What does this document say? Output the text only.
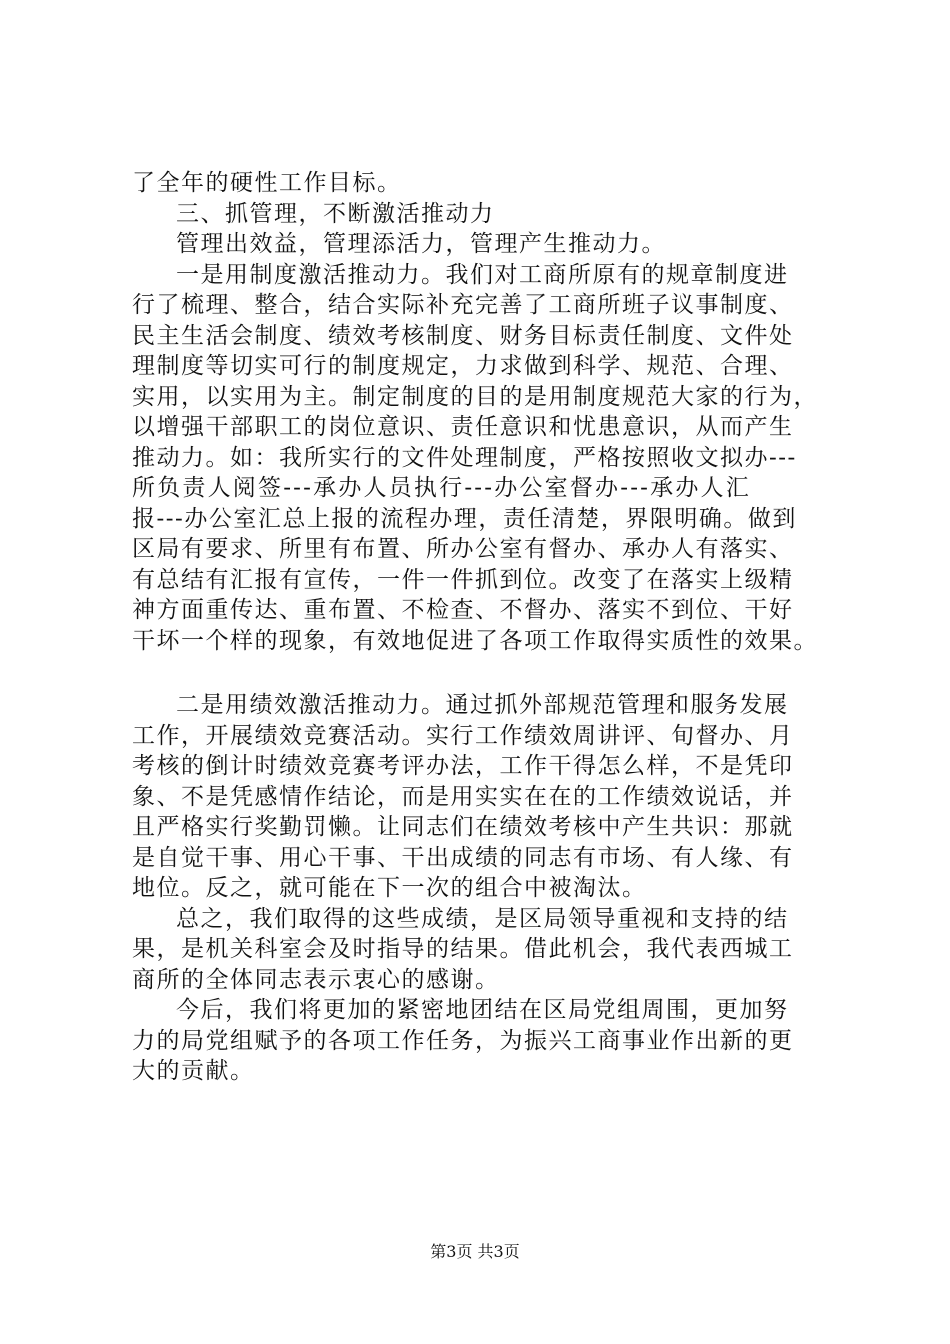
了全年的硬性工作目标。
三、抓管理，不断激活推动力
管理出效益，管理添活力，管理产生推动力。
一是用制度激活推动力。我们对工商所原有的规章制度进
行了梳理、整合，结合实际补充完善了工商所班子议事制度、
民主生活会制度、绩效考核制度、财务目标责任制度、文件处
理制度等切实可行的制度规定，力求做到科学、规范、合理、
实用，以实用为主。制定制度的目的是用制度规范大家的行为，
以增强干部职工的岗位意识、责任意识和忧患意识，从而产生
推动力。如：我所实行的文件处理制度，严格按照收文拟办---
所负责人阅签---承办人员执行---办公室督办---承办人汇
报---办公室汇总上报的流程办理，责任清楚，界限明确。做到
区局有要求、所里有布置、所办公室有督办、承办人有落实、
有总结有汇报有宣传，一件一件抓到位。改变了在落实上级精
神方面重传达、重布置、不检查、不督办、落实不到位、干好
干坏一个样的现象，有效地促进了各项工作取得实质性的效果。
二是用绩效激活推动力。通过抓外部规范管理和服务发展
工作，开展绩效竞赛活动。实行工作绩效周讲评、旬督办、月
考核的倒计时绩效竞赛考评办法，工作干得怎么样，不是凭印
象、不是凭感情作结论，而是用实实在在的工作绩效说话，并
且严格实行奖勤罚懒。让同志们在绩效考核中产生共识：那就
是自觉干事、用心干事、干出成绩的同志有市场、有人缘、有
地位。反之，就可能在下一次的组合中被淘汰。
总之，我们取得的这些成绩，是区局领导重视和支持的结
果，是机关科室会及时指导的结果。借此机会，我代表西城工
商所的全体同志表示衷心的感谢。
今后，我们将更加的紧密地团结在区局党组周围，更加努
力的局党组赋予的各项工作任务，为振兴工商事业作出新的更
大的贡献。
第3页 共3页
